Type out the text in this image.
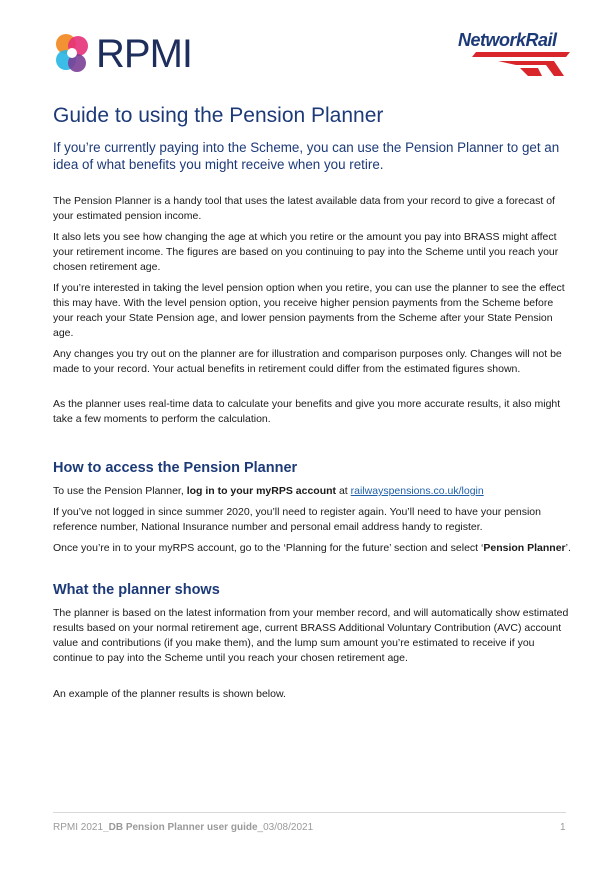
RPMI	NetworkRail
Guide to using the Pension Planner

If you’re currently paying into the Scheme, you can use the Pension Planner to get an idea of what benefits you might receive when you retire.

The Pension Planner is a handy tool that uses the latest available data from your record to give a forecast of your estimated pension income.

It also lets you see how changing the age at which you retire or the amount you pay into BRASS might affect your retirement income. The figures are based on you continuing to pay into the Scheme until you reach your chosen retirement age.

If you’re interested in taking the level pension option when you retire, you can use the planner to see the effect this may have. With the level pension option, you receive higher pension payments from the Scheme before your reach your State Pension age, and lower pension payments from the Scheme after your State Pension age.

Any changes you try out on the planner are for illustration and comparison purposes only. Changes will not be made to your record. Your actual benefits in retirement could differ from the estimated figures shown.

As the planner uses real-time data to calculate your benefits and give you more accurate results, it also might take a few moments to perform the calculation.

How to access the Pension Planner

To use the Pension Planner, log in to your myRPS account at railwayspensions.co.uk/login

If you’ve not logged in since summer 2020, you’ll need to register again. You’ll need to have your pension reference number, National Insurance number and personal email address handy to register.

Once you’re in to your myRPS account, go to the ‘Planning for the future’ section and select ‘Pension Planner’.

What the planner shows

The planner is based on the latest information from your member record, and will automatically show estimated results based on your normal retirement age, current BRASS Additional Voluntary Contribution (AVC) account value and contributions (if you make them), and the lump sum amount you’re estimated to receive if you continue to pay into the Scheme until you reach your chosen retirement age.

An example of the planner results is shown below.

RPMI 2021_DB Pension Planner user guide_03/08/2021	1
